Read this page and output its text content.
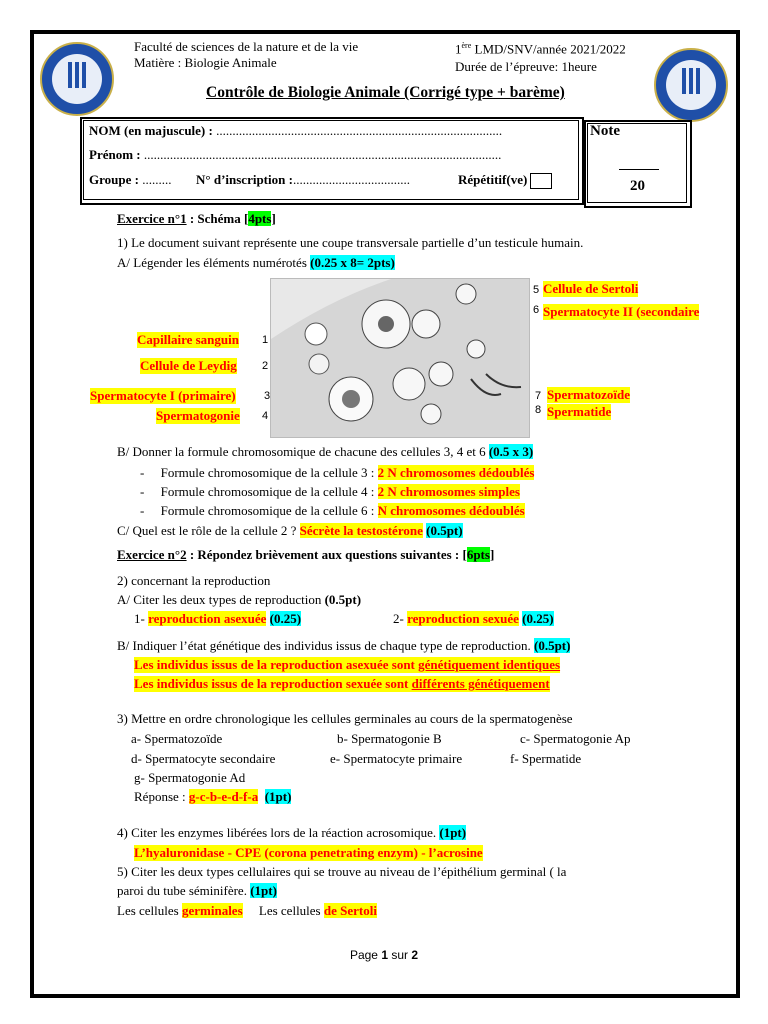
Faculté de sciences de la nature et de la vie
Matière : Biologie Animale
1ère LMD/SNV/année 2021/2022
Durée de l’épreuve: 1heure
Contrôle de Biologie Animale (Corrigé type + barème)
NOM (en majuscule) : ........................................................................................
Prénom : ..............................................................................................................
Groupe : ......... N° d’inscription :....................................	Répétitif(ve)
Note
20
Exercice n°1 : Schéma [4pts]
1) Le document suivant représente une coupe transversale partielle d’un testicule humain.
A/ Légender les éléments numérotés (0.25 x 8= 2pts)
Capillaire sanguin 1
Cellule de Leydig 2
Spermatocyte I (primaire)	3
Spermatogonie 4
5 Cellule de Sertoli
6 Spermatocyte II (secondaire
7 Spermatozoïde
8 Spermatide
B/ Donner la formule chromosomique de chacune des cellules 3, 4 et 6 (0.5 x 3)
-     Formule chromosomique de la cellule 3 : 2 N chromosomes dédoublés
-     Formule chromosomique de la cellule 4 : 2 N chromosomes simples
-     Formule chromosomique de la cellule 6 : N chromosomes dédoublés
C/ Quel est le rôle de la cellule 2 ? Sécrète la testostérone (0.5pt)
Exercice n°2 : Répondez brièvement aux questions suivantes : [6pts]
2) concernant la reproduction
A/ Citer les deux types de reproduction (0.5pt)
1- reproduction asexuée (0.25)	2- reproduction sexuée (0.25)
B/ Indiquer l’état génétique des individus issus de chaque type de reproduction. (0.5pt)
Les individus issus de la reproduction asexuée sont génétiquement identiques
Les individus issus de la reproduction sexuée sont différents génétiquement
3) Mettre en ordre chronologique les cellules germinales au cours de la spermatogenèse
a- Spermatozoïde	b- Spermatogonie B	c- Spermatogonie Ap
d- Spermatocyte secondaire	e- Spermatocyte primaire	f- Spermatide
g- Spermatogonie Ad
Réponse : g-c-b-e-d-f-a (1pt)
4) Citer les enzymes libérées lors de la réaction acrosomique. (1pt)
L’hyaluronidase - CPE (corona penetrating enzym) - l’acrosine
5) Citer les deux types cellulaires qui se trouve au niveau de l’épithélium germinal ( la
paroi du tube séminifère. (1pt)
Les cellules germinales     Les cellules de Sertoli
Page 1 sur 2
